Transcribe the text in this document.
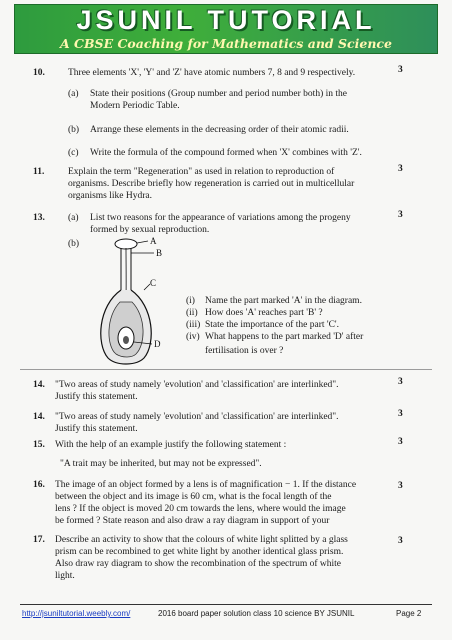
JSUNIL TUTORIAL
A CBSE Coaching for Mathematics and Science
10. Three elements 'X', 'Y' and 'Z' have atomic numbers 7, 8 and 9 respectively.	3
(a) State their positions (Group number and period number both) in the
Modern Periodic Table.
(b) Arrange these elements in the decreasing order of their atomic radii.
(c) Write the formula of the compound formed when 'X' combines with 'Z'.
11. Explain the term "Regeneration" as used in relation to reproduction of
organisms. Describe briefly how regeneration is carried out in multicellular
organisms like Hydra.
3
13. (a) List two reasons for the appearance of variations among the progeny
formed by sexual reproduction.
3
(b)	A
B
C
D
(i) Name the part marked 'A' in the diagram.
(ii) How does 'A' reaches part 'B' ?
(iii) State the importance of the part 'C'.
(iv) What happens to the part marked 'D' after
fertilisation is over ?
14. "Two areas of study namely 'evolution' and 'classification' are interlinked".
Justify this statement.
3
14. "Two areas of study namely 'evolution' and 'classification' are interlinked".
Justify this statement.
3
15. With the help of an example justify the following statement :
"A trait may be inherited, but may not be expressed".
3
16. The image of an object formed by a lens is of magnification − 1. If the distance
between the object and its image is 60 cm, what is the focal length of the
lens ? If the object is moved 20 cm towards the lens, where would the image
be formed ? State reason and also draw a ray diagram in support of your
3
17. Describe an activity to show that the colours of white light splitted by a glass
prism can be recombined to get white light by another identical glass prism.
Also draw ray diagram to show the recombination of the spectrum of white
light.
3
http://jsuniltutorial.weebly.com/	2016 board paper solution class 10 science BY JSUNIL	Page 2
